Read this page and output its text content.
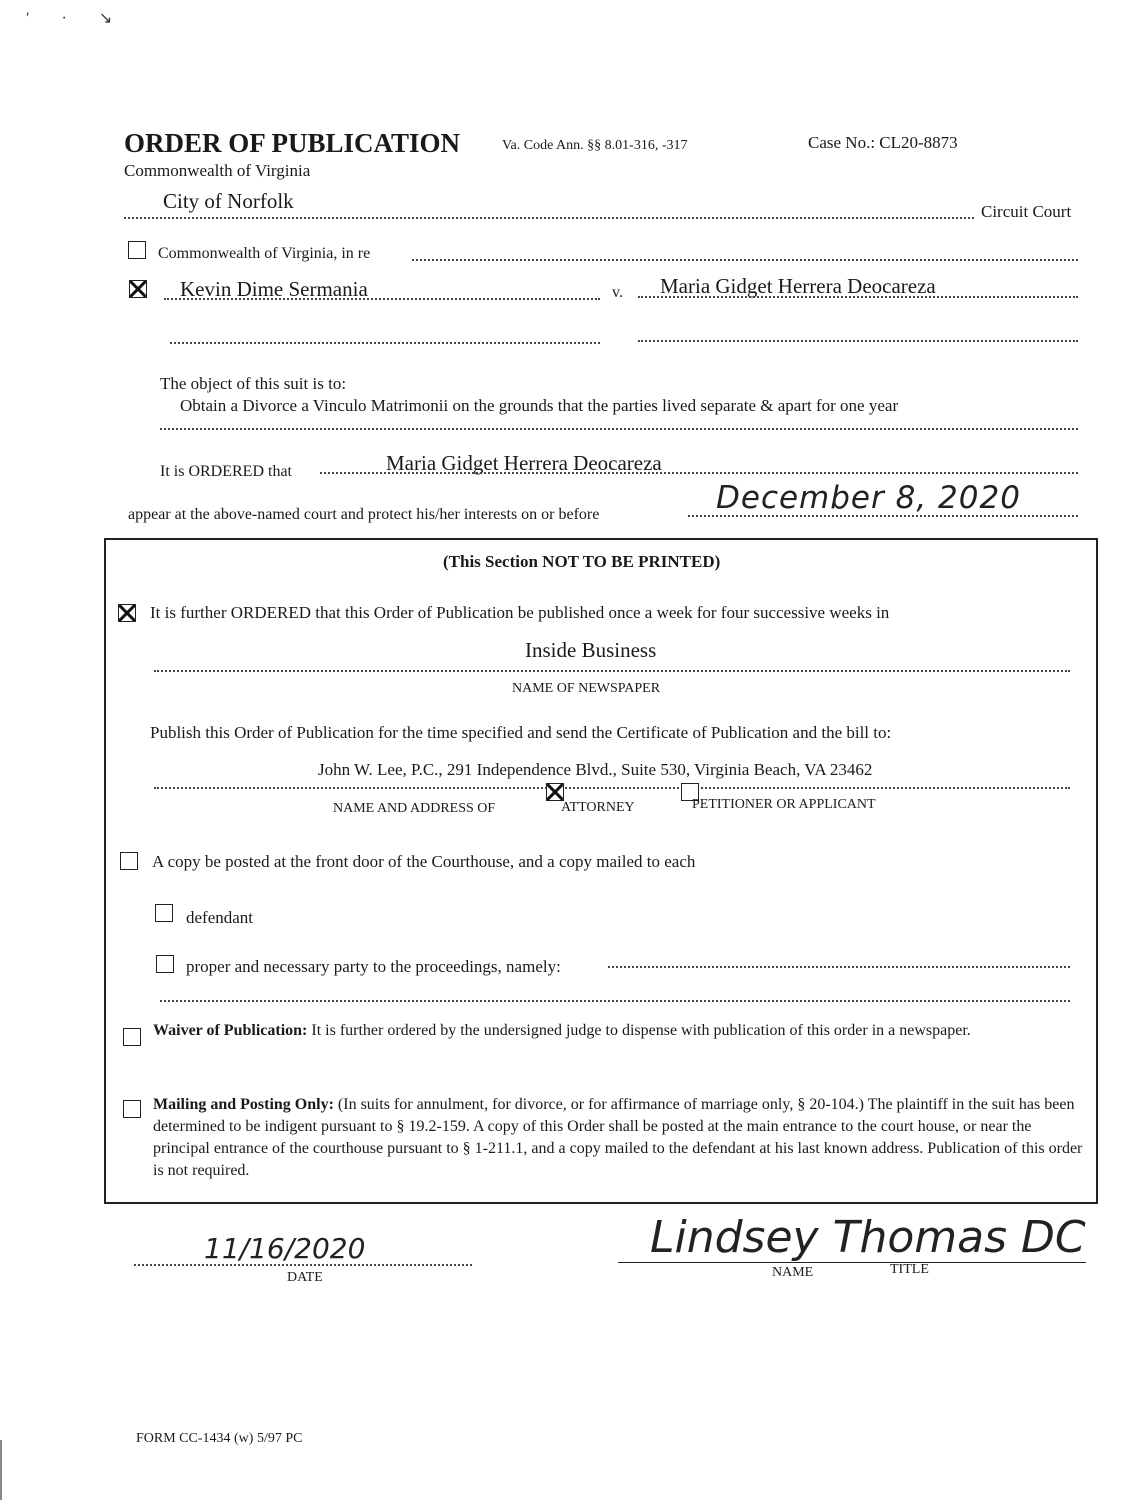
′ · ↘
ORDER OF PUBLICATION	Va. Code Ann. §§ 8.01-316, -317	Case No.: CL20-8873
Commonwealth of Virginia
City of Norfolk	Circuit Court
Commonwealth of Virginia, in re
Kevin Dime Sermania	v. Maria Gidget Herrera Deocareza
The object of this suit is to:
Obtain a Divorce a Vinculo Matrimonii on the grounds that the parties lived separate & apart for one year
It is ORDERED that	Maria Gidget Herrera Deocareza
appear at the above-named court and protect his/her interests on or before	December 8, 2020
(This Section NOT TO BE PRINTED)
It is further ORDERED that this Order of Publication be published once a week for four successive weeks in
Inside Business
NAME OF NEWSPAPER
Publish this Order of Publication for the time specified and send the Certificate of Publication and the bill to:
John W. Lee, P.C., 291 Independence Blvd., Suite 530, Virginia Beach, VA 23462
NAME AND ADDRESS OF	ATTORNEY	PETITIONER OR APPLICANT
A copy be posted at the front door of the Courthouse, and a copy mailed to each
defendant
proper and necessary party to the proceedings, namely:
Waiver of Publication: It is further ordered by the undersigned judge to dispense with publication of this order in a newspaper.
Mailing and Posting Only: (In suits for annulment, for divorce, or for affirmance of marriage only, § 20-104.) The plaintiff in the suit has been determined to be indigent pursuant to § 19.2-159. A copy of this Order shall be posted at the main entrance to the court house, or near the principal entrance of the courthouse pursuant to § 1-211.1, and a copy mailed to the defendant at his last known address. Publication of this order is not required.
11/16/2020
DATE
Lindsey Thomas DC
NAME	TITLE
FORM CC-1434 (w) 5/97 PC
